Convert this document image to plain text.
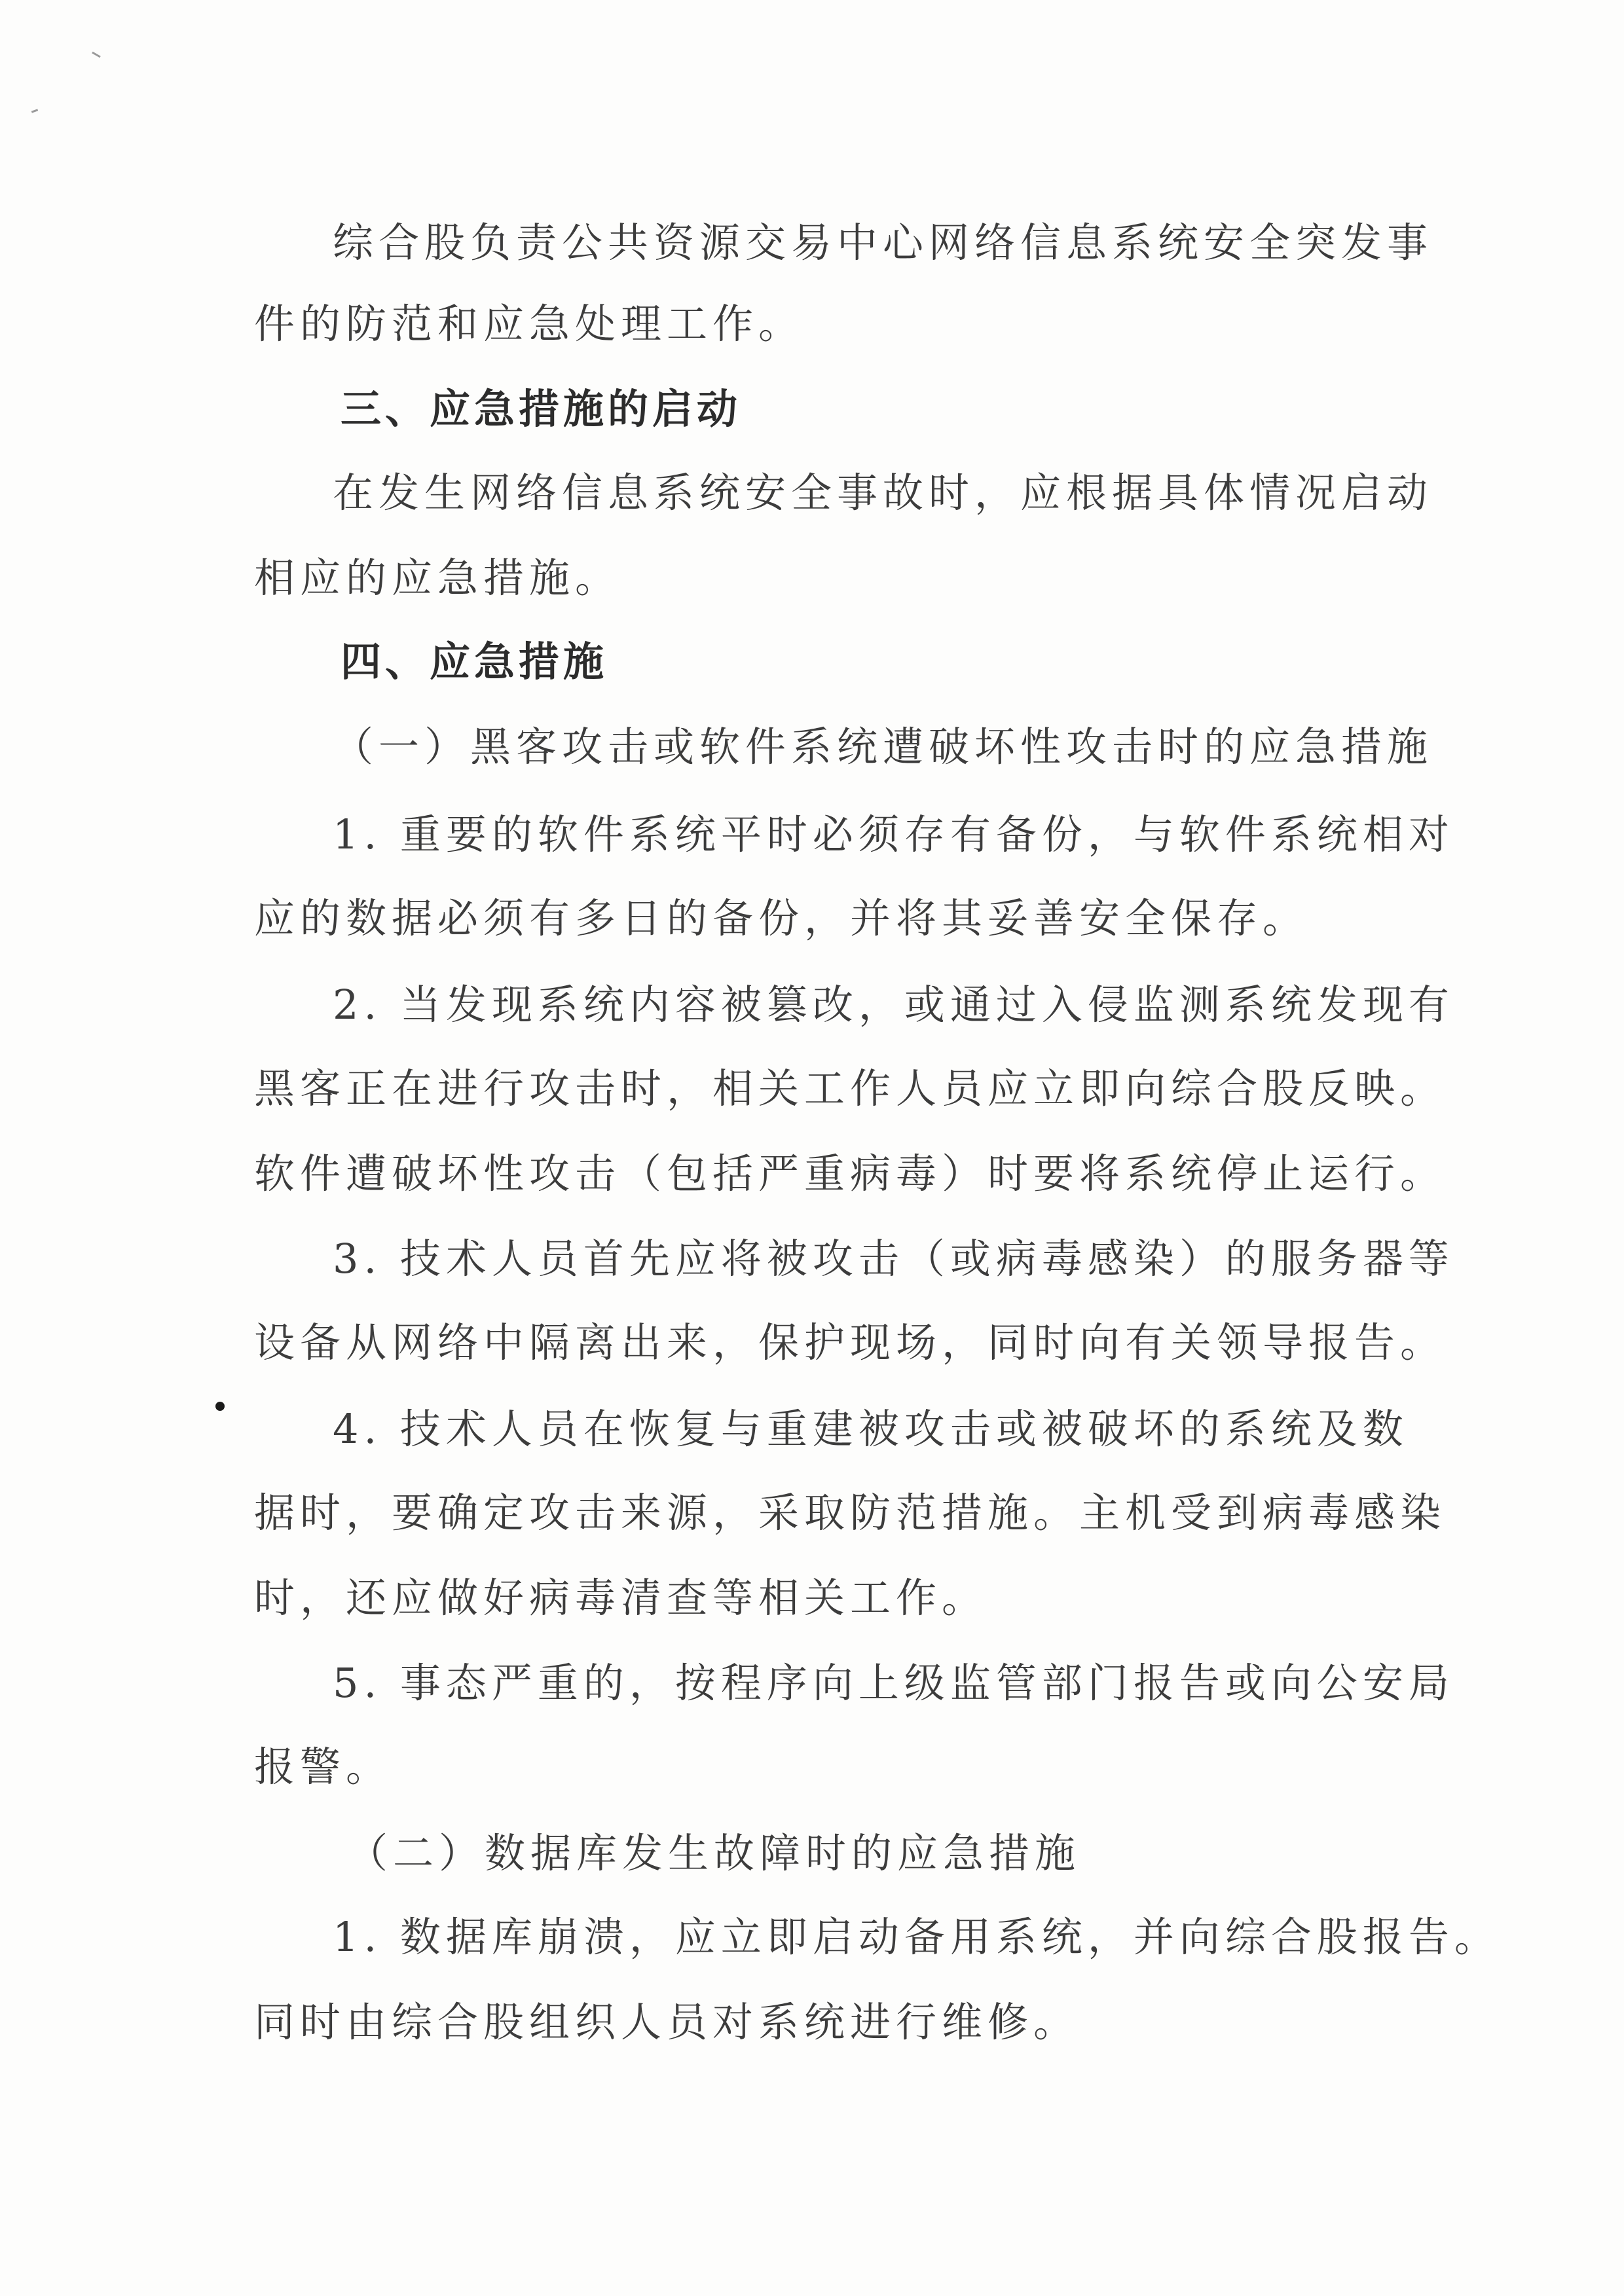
综合股负责公共资源交易中心网络信息系统安全突发事
件的防范和应急处理工作。
三、应急措施的启动
在发生网络信息系统安全事故时，应根据具体情况启动
相应的应急措施。
四、应急措施
（一）黑客攻击或软件系统遭破坏性攻击时的应急措施
1. 重要的软件系统平时必须存有备份，与软件系统相对
应的数据必须有多日的备份，并将其妥善安全保存。
2. 当发现系统内容被篡改，或通过入侵监测系统发现有
黑客正在进行攻击时，相关工作人员应立即向综合股反映。
软件遭破坏性攻击（包括严重病毒）时要将系统停止运行。
3. 技术人员首先应将被攻击（或病毒感染）的服务器等
设备从网络中隔离出来，保护现场，同时向有关领导报告。
4. 技术人员在恢复与重建被攻击或被破坏的系统及数
据时，要确定攻击来源，采取防范措施。主机受到病毒感染
时，还应做好病毒清查等相关工作。
5. 事态严重的，按程序向上级监管部门报告或向公安局
报警。
（二）数据库发生故障时的应急措施
1. 数据库崩溃，应立即启动备用系统，并向综合股报告。
同时由综合股组织人员对系统进行维修。
